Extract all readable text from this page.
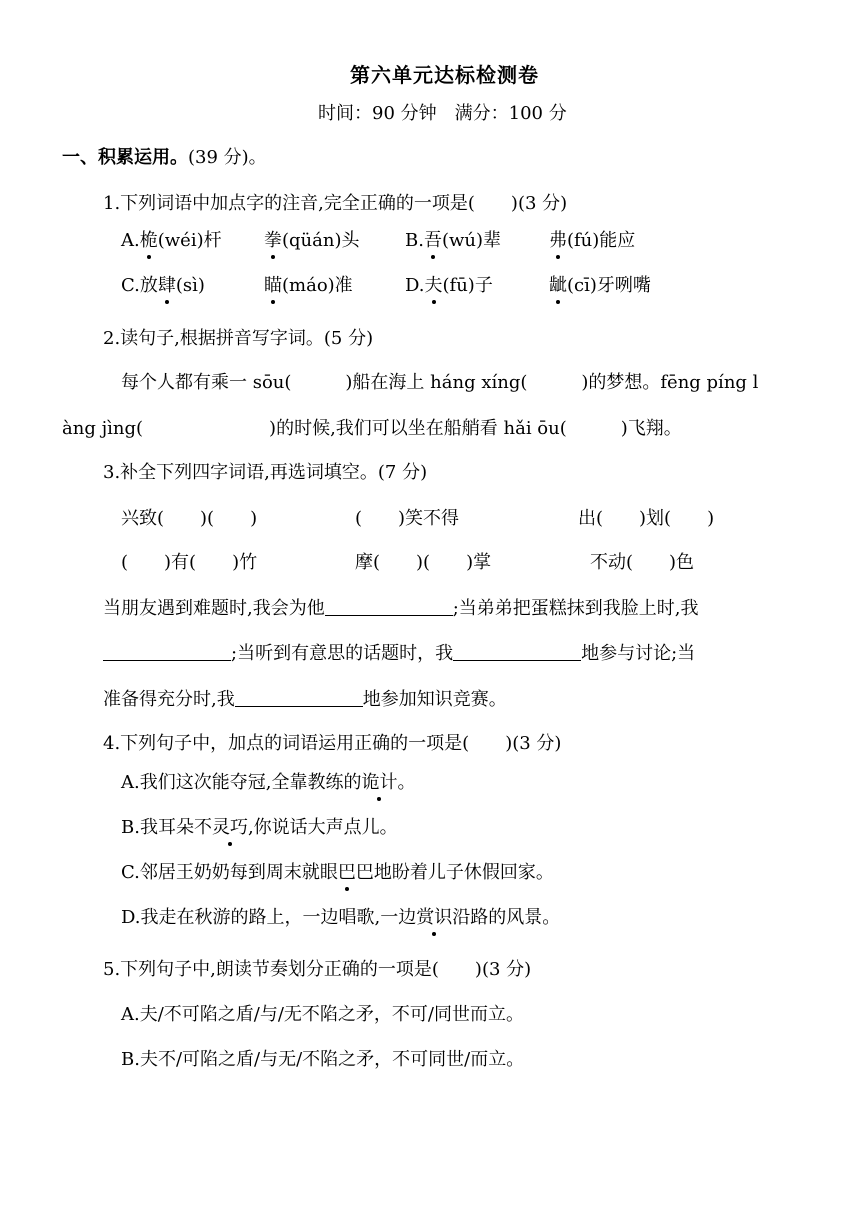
第六单元达标检测卷
时间：90 分钟　满分：100 分
一、积累运用。(39 分)。
1.下列词语中加点字的注音,完全正确的一项是(　　)(3 分)
A.桅(wéi)杆 拳(qüán)头	B.吾(wú)辈	弗(fú)能应
C.放肆(sì)	瞄(máo)准	D.夫(fū)子	龇(cī)牙咧嘴
2.读句子,根据拼音写字词。(5 分)
每个人都有乘一 sōu(　　　)船在海上 háng xíng(　　　)的梦想。fēng píng l
àng jìng(　　　　　　　)的时候,我们可以坐在船艄看 hǎi ōu(　　　)飞翔。
3.补全下列四字词语,再选词填空。(7 分)
兴致(　　)(　　)	(　　)笑不得	出(　　)划(　　)
(　　)有(　　)竹	摩(　　)(　　)掌	不动(　　)色
当朋友遇到难题时,我会为他	;当弟弟把蛋糕抹到我脸上时,我
;当听到有意思的话题时，我	地参与讨论;当
准备得充分时,我	地参加知识竞赛。
4.下列句子中，加点的词语运用正确的一项是(　　)(3 分)
A.我们这次能夺冠,全靠教练的诡计。
B.我耳朵不灵巧,你说话大声点儿。
C.邻居王奶奶每到周末就眼巴巴地盼着儿子休假回家。
D.我走在秋游的路上，一边唱歌,一边赏识沿路的风景。
5.下列句子中,朗读节奏划分正确的一项是(　　)(3 分)
A.夫/不可陷之盾/与/无不陷之矛，不可/同世而立。
B.夫不/可陷之盾/与无/不陷之矛，不可同世/而立。
